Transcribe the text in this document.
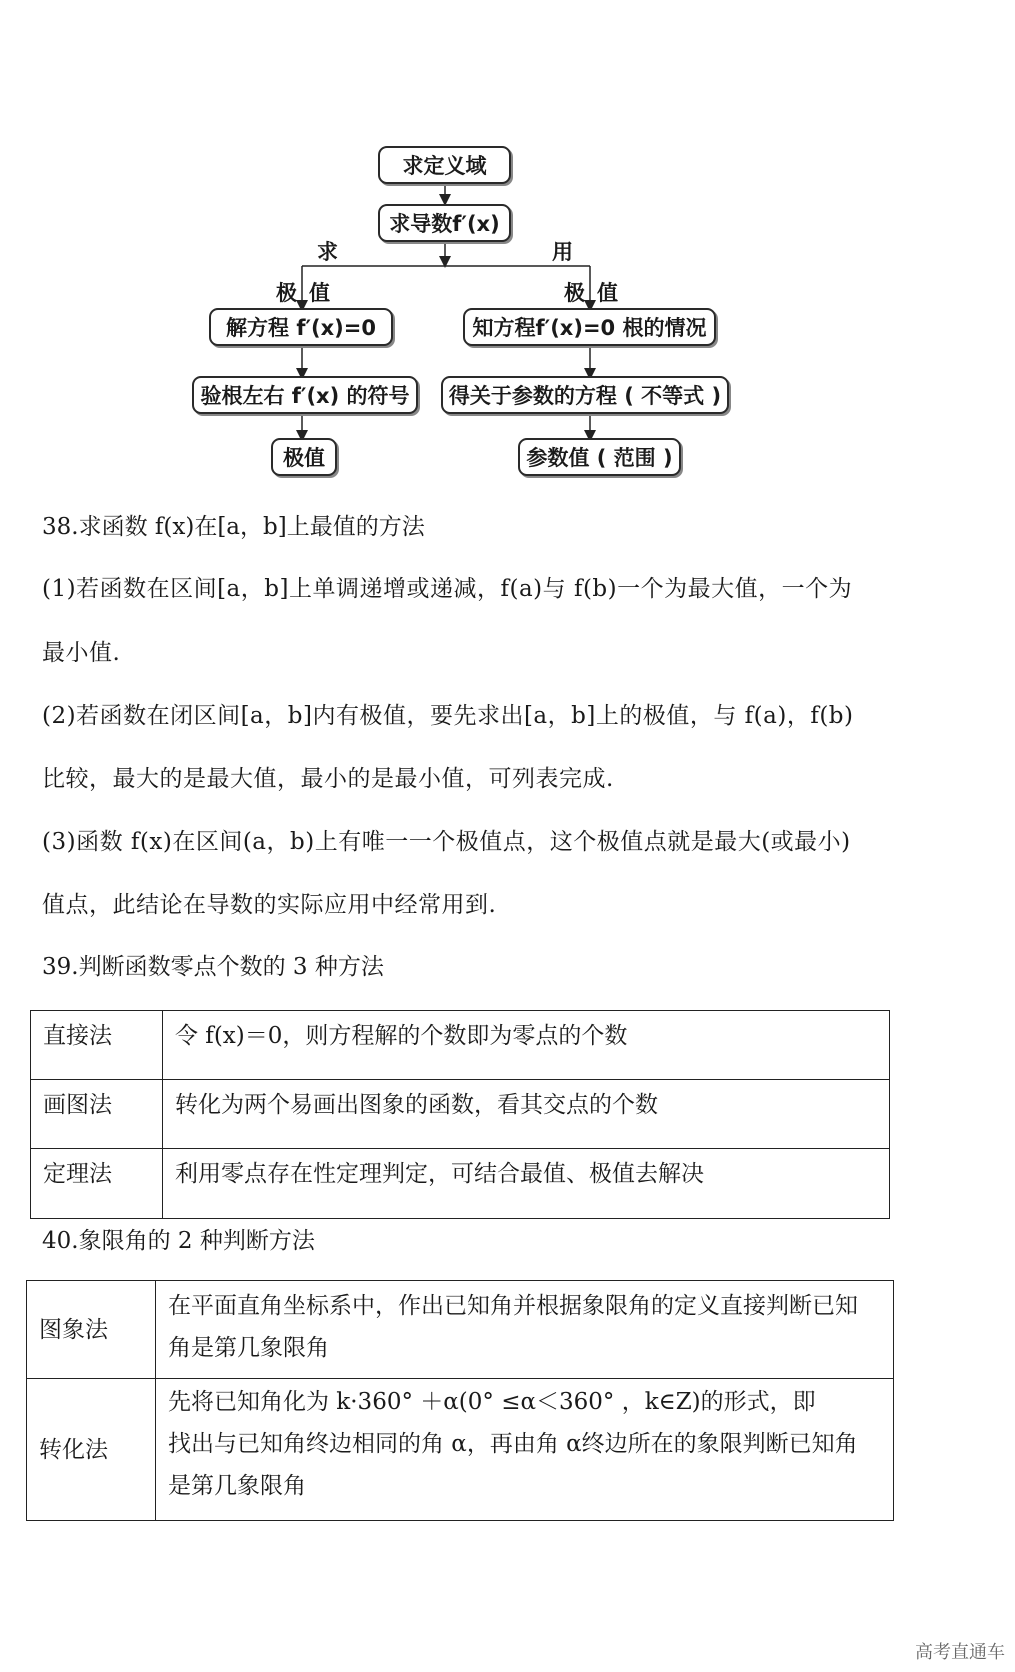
求定义域
求导数f′(x)
求	用
极 值	极 值
解方程 f′(x)=0
验根左右 f′(x) 的符号
极值
知方程f′(x)=0 根的情况
得关于参数的方程 ( 不等式 )
参数值 ( 范围 )
38.求函数 f(x)在[a，b]上最值的方法
(1)若函数在区间[a，b]上单调递增或递减，f(a)与 f(b)一个为最大值，一个为
最小值.
(2)若函数在闭区间[a，b]内有极值，要先求出[a，b]上的极值，与 f(a)，f(b)
比较，最大的是最大值，最小的是最小值，可列表完成.
(3)函数 f(x)在区间(a，b)上有唯一一个极值点，这个极值点就是最大(或最小)
值点，此结论在导数的实际应用中经常用到.
39.判断函数零点个数的 3 种方法
直接法	令 f(x)＝0，则方程解的个数即为零点的个数

画图法	转化为两个易画出图象的函数，看其交点的个数

定理法	利用零点存在性定理判定，可结合最值、极值去解决
40.象限角的 2 种判断方法
图象法	在平面直角坐标系中，作出已知角并根据象限角的定义直接判断已知
角是第几象限角

转化法	先将已知角化为 k·360° ＋α(0° ≤α＜360° ，k∈Z)的形式，即
找出与已知角终边相同的角 α，再由角 α终边所在的象限判断已知角
是第几象限角
高考直通车
